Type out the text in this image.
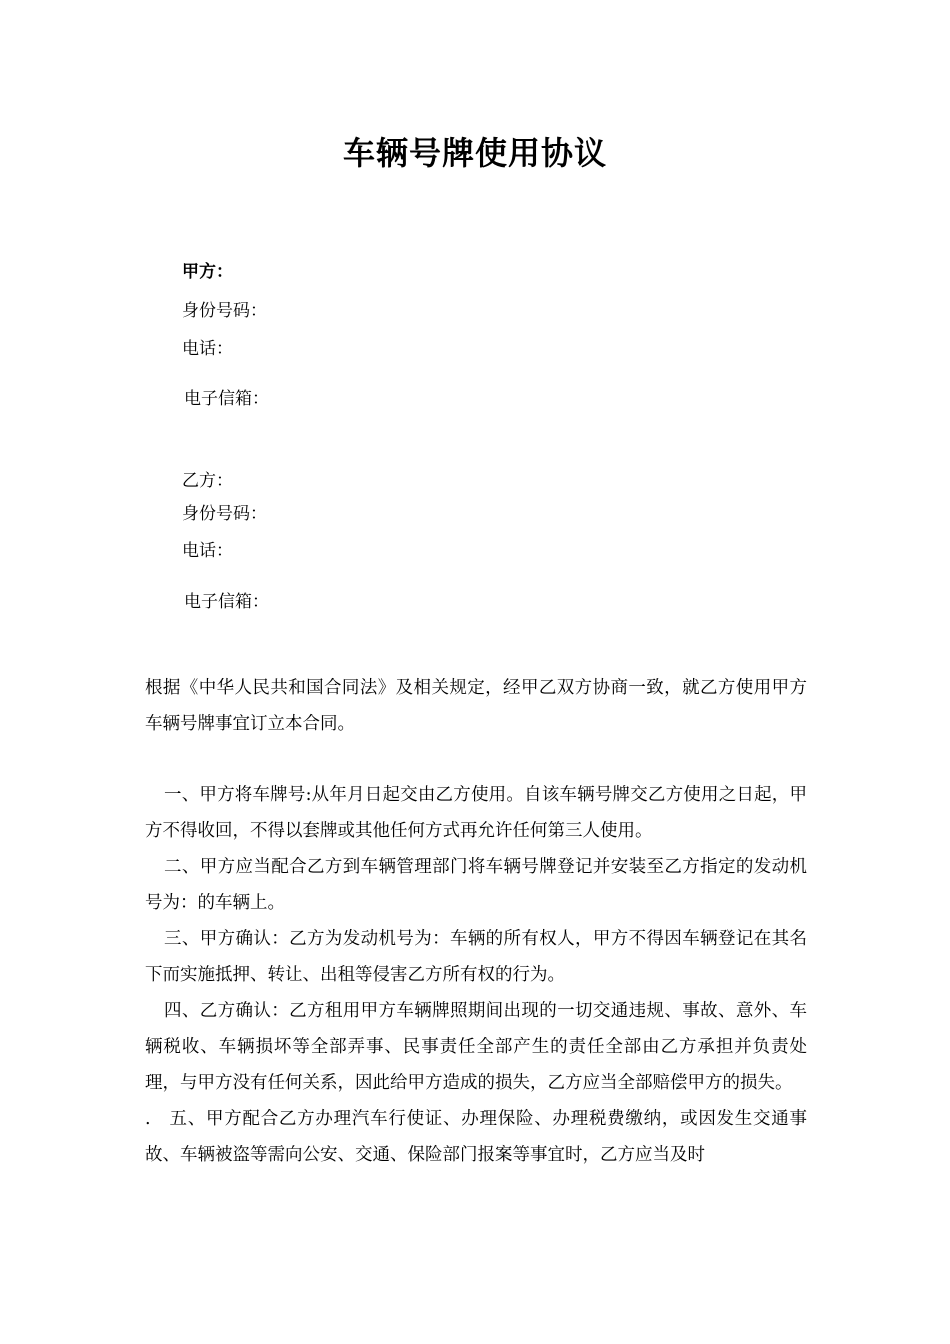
车辆号牌使用协议
甲方：
身份号码：
电话：
电子信箱：
乙方：
身份号码：
电话：
电子信箱：

根据《中华人民共和国合同法》及相关规定，经甲乙双方协商一致，就乙方使用甲方车辆号牌事宜订立本合同。

一、甲方将车牌号:从年月日起交由乙方使用。自该车辆号牌交乙方使用之日起，甲方不得收回，不得以套牌或其他任何方式再允许任何第三人使用。

二、甲方应当配合乙方到车辆管理部门将车辆号牌登记并安装至乙方指定的发动机号为：的车辆上。

三、甲方确认：乙方为发动机号为：车辆的所有权人，甲方不得因车辆登记在其名下而实施抵押、转让、出租等侵害乙方所有权的行为。

四、乙方确认：乙方租用甲方车辆牌照期间出现的一切交通违规、事故、意外、车辆税收、车辆损坏等全部弄事、民事责任全部产生的责任全部由乙方承担并负责处理，与甲方没有任何关系，因此给甲方造成的损失，乙方应当全部赔偿甲方的损失。

.　五、甲方配合乙方办理汽车行使证、办理保险、办理税费缴纳，或因发生交通事故、车辆被盗等需向公安、交通、保险部门报案等事宜时，乙方应当及时
